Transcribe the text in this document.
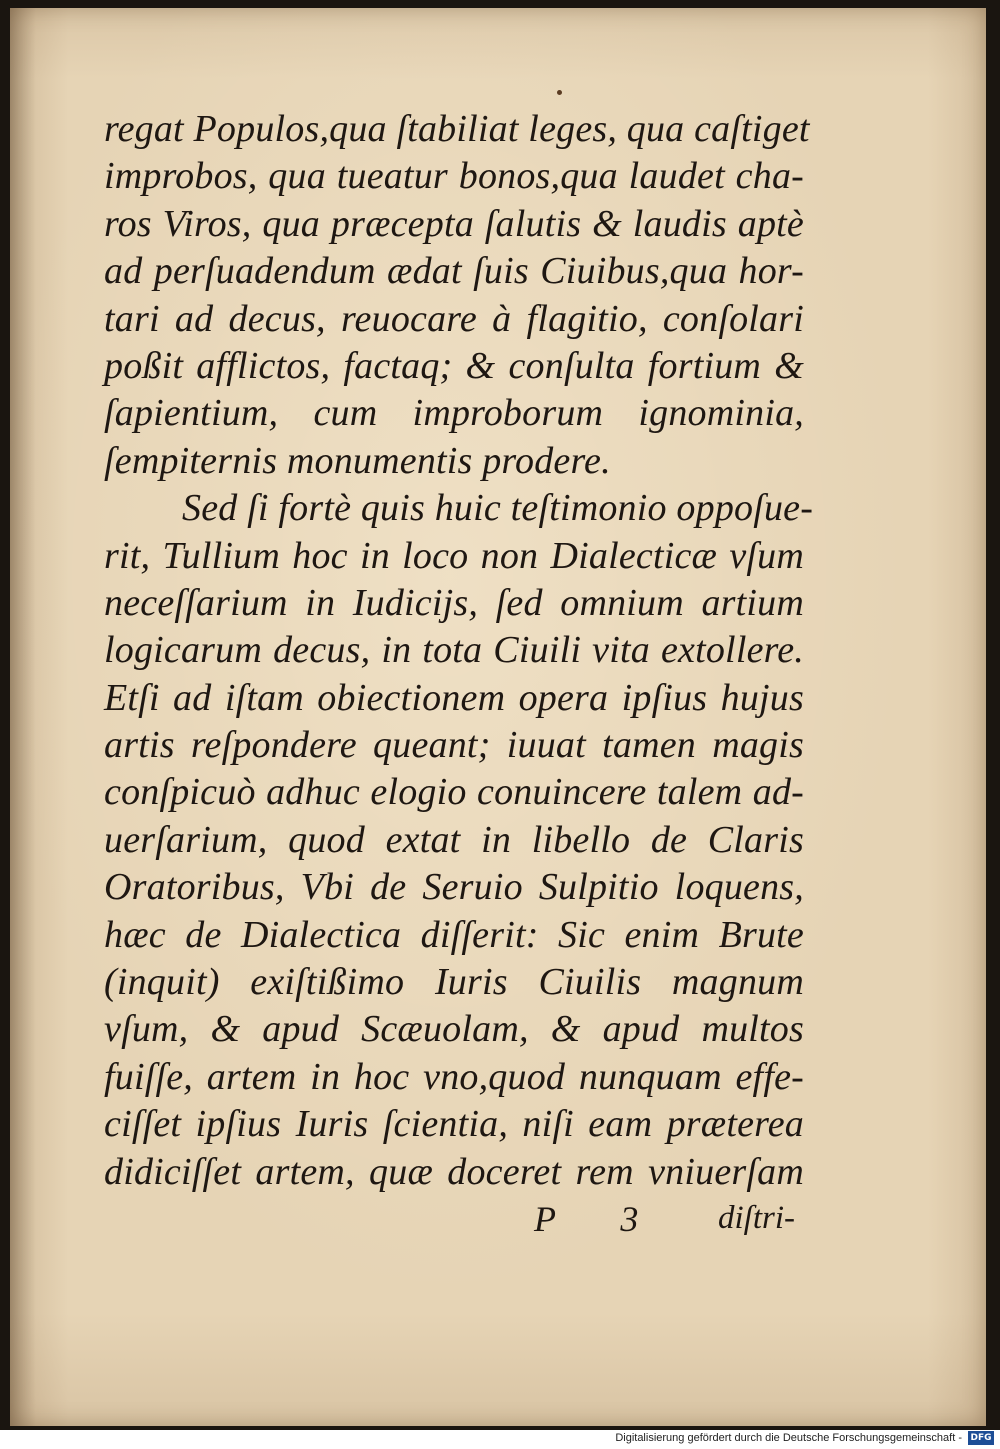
regat Populos,qua ſtabiliat leges, qua caſtiget
improbos, qua tueatur bonos,qua laudet cha-
ros Viros, qua præcepta ſalutis & laudis aptè
ad perſuadendum ædat ſuis Ciuibus,qua hor-
tari ad decus, reuocare à flagitio, conſolari
poßit afflictos, factaq; & conſulta fortium &
ſapientium, cum improborum ignominia,
ſempiternis monumentis prodere.
Sed ſi fortè quis huic teſtimonio oppoſue-
rit, Tullium hoc in loco non Dialecticæ vſum
neceſſarium in Iudicijs, ſed omnium artium
logicarum decus, in tota Ciuili vita extollere.
Etſi ad iſtam obiectionem opera ipſius hujus
artis reſpondere queant; iuuat tamen magis
conſpicuò adhuc elogio conuincere talem ad-
uerſarium, quod extat in libello de Claris
Oratoribus, Vbi de Seruio Sulpitio loquens,
hæc de Dialectica diſſerit: Sic enim Brute
(inquit) exiſtißimo Iuris Ciuilis magnum
vſum, & apud Scæuolam, & apud multos
fuiſſe, artem in hoc vno,quod nunquam effe-
ciſſet ipſius Iuris ſcientia, niſi eam præterea
didiciſſet artem, quæ doceret rem vniuerſam
P 3 diſtri-
Digitalisierung gefördert durch die Deutsche Forschungsgemeinschaft - DFG
